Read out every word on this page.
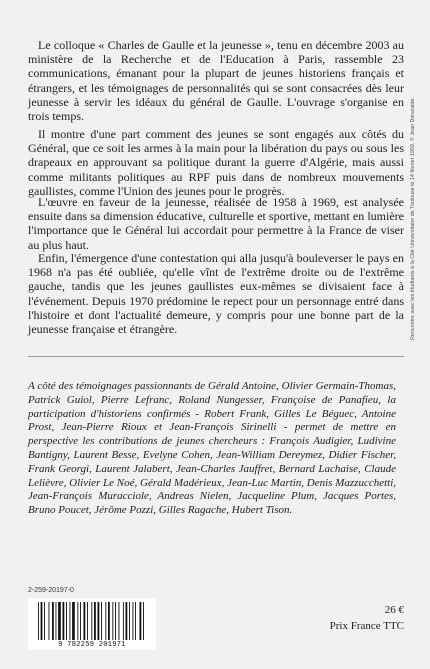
Le colloque « Charles de Gaulle et la jeunesse », tenu en décembre 2003 au ministère de la Recherche et de l'Education à Paris, rassemble 23 communications, émanant pour la plupart de jeunes historiens français et étrangers, et les témoignages de personnalités qui se sont consacrées dès leur jeunesse à servir les idéaux du général de Gaulle. L'ouvrage s'organise en trois temps.

Il montre d'une part comment des jeunes se sont engagés aux côtés du Général, que ce soit les armes à la main pour la libération du pays ou sous les drapeaux en approuvant sa politique durant la guerre d'Algérie, mais aussi comme militants politiques au RPF puis dans de nombreux mouvements gaullistes, comme l'Union des jeunes pour le progrès.

L'œuvre en faveur de la jeunesse, réalisée de 1958 à 1969, est analysée ensuite dans sa dimension éducative, culturelle et sportive, mettant en lumière l'importance que le Général lui accordait pour permettre à la France de viser au plus haut.

Enfin, l'émergence d'une contestation qui alla jusqu'à bouleverser le pays en 1968 n'a pas été oubliée, qu'elle vînt de l'extrême droite ou de l'extrême gauche, tandis que les jeunes gaullistes eux-mêmes se divisaient face à l'événement. Depuis 1970 prédomine le repect pour un personnage entré dans l'histoire et dont l'actualité demeure, y compris pour une bonne part de la jeunesse française et étrangère.

A côté des témoignages passionnants de Gérald Antoine, Olivier Germain-Thomas, Patrick Guiol, Pierre Lefranc, Roland Nungesser, Françoise de Panafieu, la participation d'historiens confirmés - Robert Frank, Gilles Le Béguec, Antoine Prost, Jean-Pierre Rioux et Jean-François Sirinelli - permet de mettre en perspective les contributions de jeunes chercheurs : François Audigier, Ludivine Bantigny, Laurent Besse, Evelyne Cohen, Jean-William Dereymez, Didier Fischer, Frank Georgi, Laurent Jalabert, Jean-Charles Jauffret, Bernard Lachaise, Claude Lelièvre, Olivier Le Noé, Gérald Madérieux, Jean-Luc Martin, Denis Mazzucchetti, Jean-François Muracciole, Andreas Nielen, Jacqueline Plum, Jacques Portes, Bruno Poucet, Jérôme Pozzi, Gilles Ragache, Hubert Tison.

Rencontre avec les étudiants à la Cité Universitaire de Toulouse le 14 février 1959. © Jean Dieuzaide.
2-259-20197-0
9 782259 201971
26 €
Prix France TTC
